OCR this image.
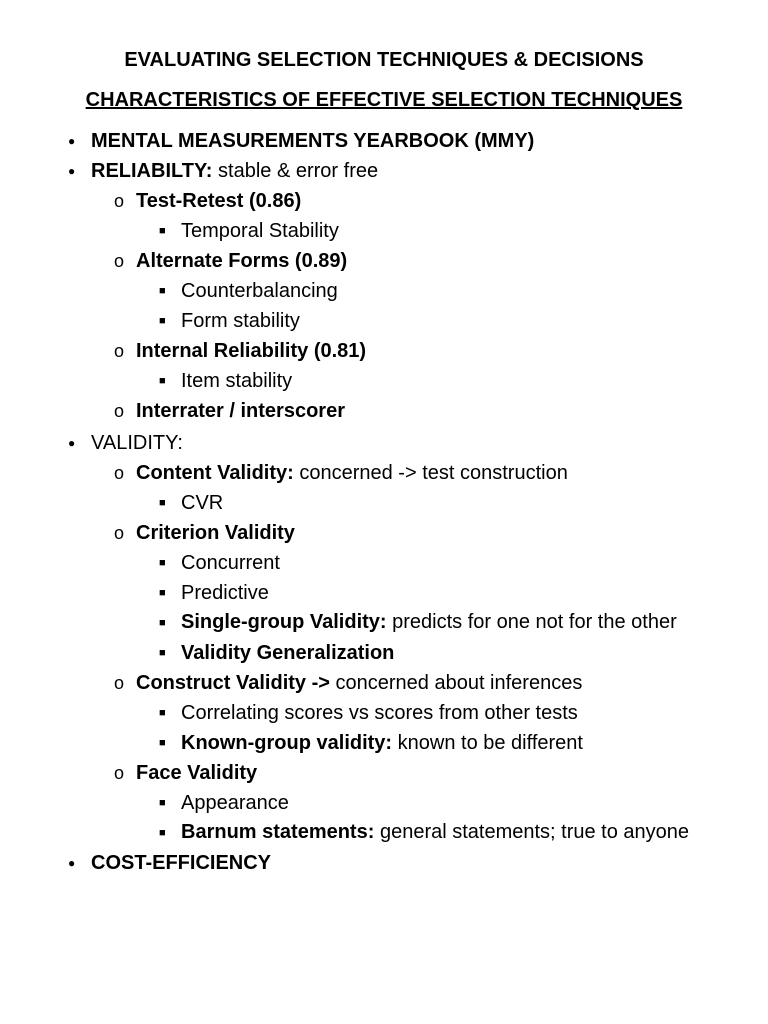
EVALUATING SELECTION TECHNIQUES & DECISIONS
CHARACTERISTICS OF EFFECTIVE SELECTION TECHNIQUES
● MENTAL MEASUREMENTS YEARBOOK (MMY)
● RELIABILTY: stable & error free
o Test-Retest (0.86)
■ Temporal Stability
o Alternate Forms (0.89)
■ Counterbalancing
■ Form stability
o Internal Reliability (0.81)
■ Item stability
o Interrater / interscorer
● VALIDITY:
o Content Validity: concerned -> test construction
■ CVR
o Criterion Validity
■ Concurrent
■ Predictive
■ Single-group Validity: predicts for one not for the other
■ Validity Generalization
o Construct Validity -> concerned about inferences
■ Correlating scores vs scores from other tests
■ Known-group validity: known to be different
o Face Validity
■ Appearance
■ Barnum statements: general statements; true to anyone
● COST-EFFICIENCY
